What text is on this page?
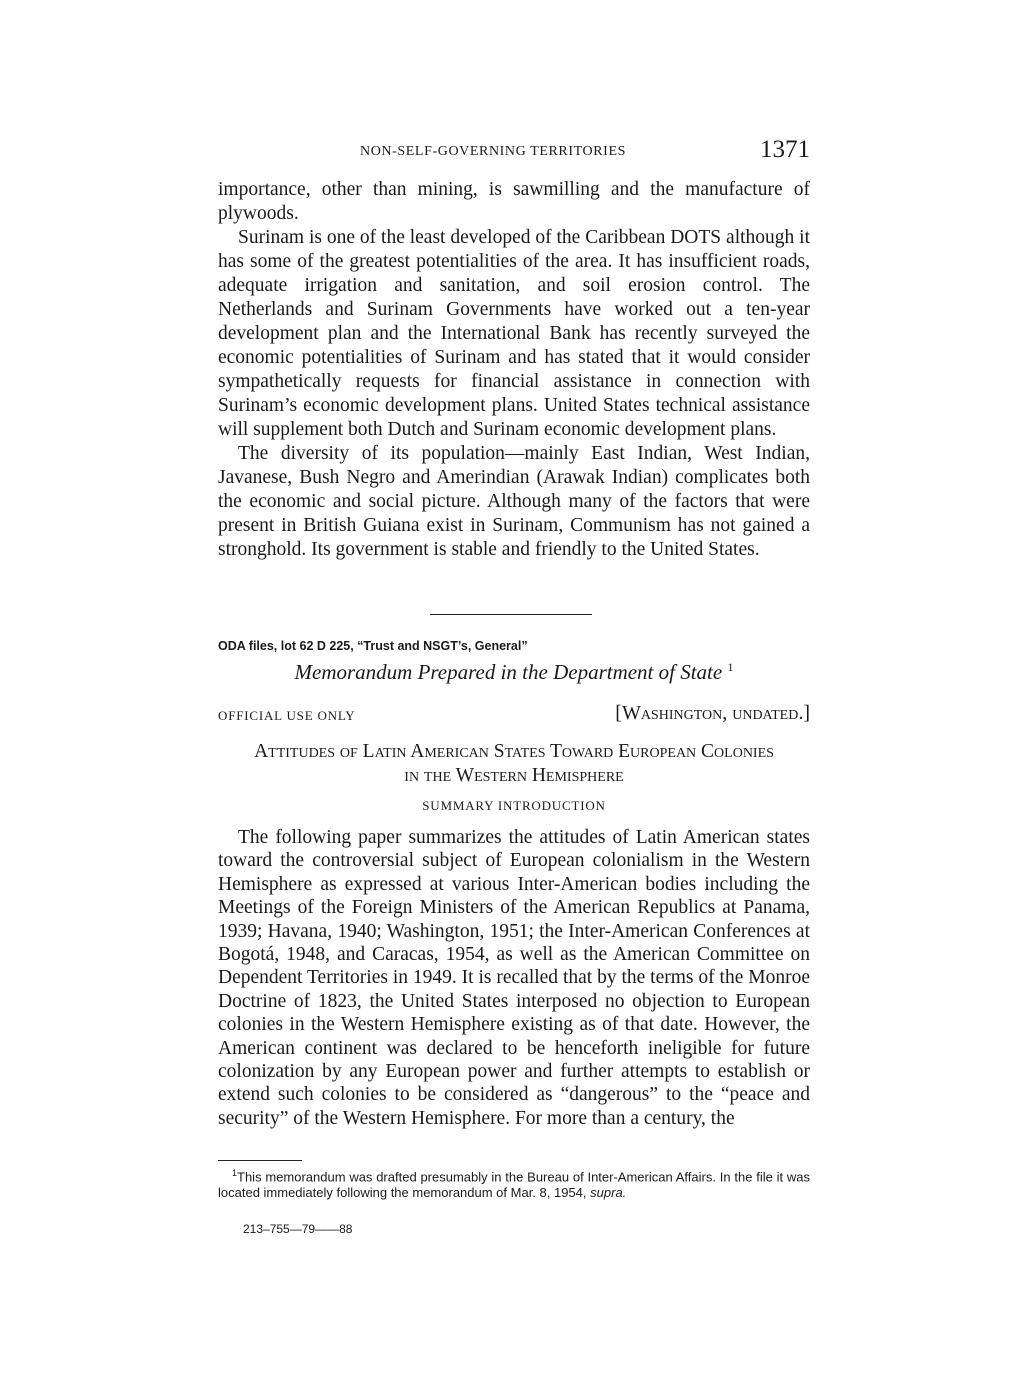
NON-SELF-GOVERNING TERRITORIES	1371

importance, other than mining, is sawmilling and the manufacture of plywoods.

Surinam is one of the least developed of the Caribbean DOTS although it has some of the greatest potentialities of the area. It has insufficient roads, adequate irrigation and sanitation, and soil erosion control. The Netherlands and Surinam Governments have worked out a ten-year development plan and the International Bank has recently surveyed the economic potentialities of Surinam and has stated that it would consider sympathetically requests for financial assistance in connection with Surinam’s economic development plans. United States technical assistance will supplement both Dutch and Surinam economic development plans.

The diversity of its population—mainly East Indian, West Indian, Javanese, Bush Negro and Amerindian (Arawak Indian) complicates both the economic and social picture. Although many of the factors that were present in British Guiana exist in Surinam, Communism has not gained a stronghold. Its government is stable and friendly to the United States.

ODA files, lot 62 D 225, “Trust and NSGT’s, General”
Memorandum Prepared in the Department of State $^1$
OFFICIAL USE ONLY	[Washington, undated.]
Attitudes of Latin American States Toward European Colonies
in the Western Hemisphere
SUMMARY INTRODUCTION

The following paper summarizes the attitudes of Latin American states toward the controversial subject of European colonialism in the Western Hemisphere as expressed at various Inter-American bodies including the Meetings of the Foreign Ministers of the American Republics at Panama, 1939; Havana, 1940; Washington, 1951; the Inter-American Conferences at Bogotá, 1948, and Caracas, 1954, as well as the American Committee on Dependent Territories in 1949. It is recalled that by the terms of the Monroe Doctrine of 1823, the United States interposed no objection to European colonies in the Western Hemisphere existing as of that date. However, the American continent was declared to be henceforth ineligible for future colonization by any European power and further attempts to establish or extend such colonies to be considered as “dangerous” to the “peace and security” of the Western Hemisphere. For more than a century, the

$^1$This memorandum was drafted presumably in the Bureau of Inter-American Affairs. In the file it was located immediately following the memorandum of Mar. 8, 1954, supra.

213–755—79——88
